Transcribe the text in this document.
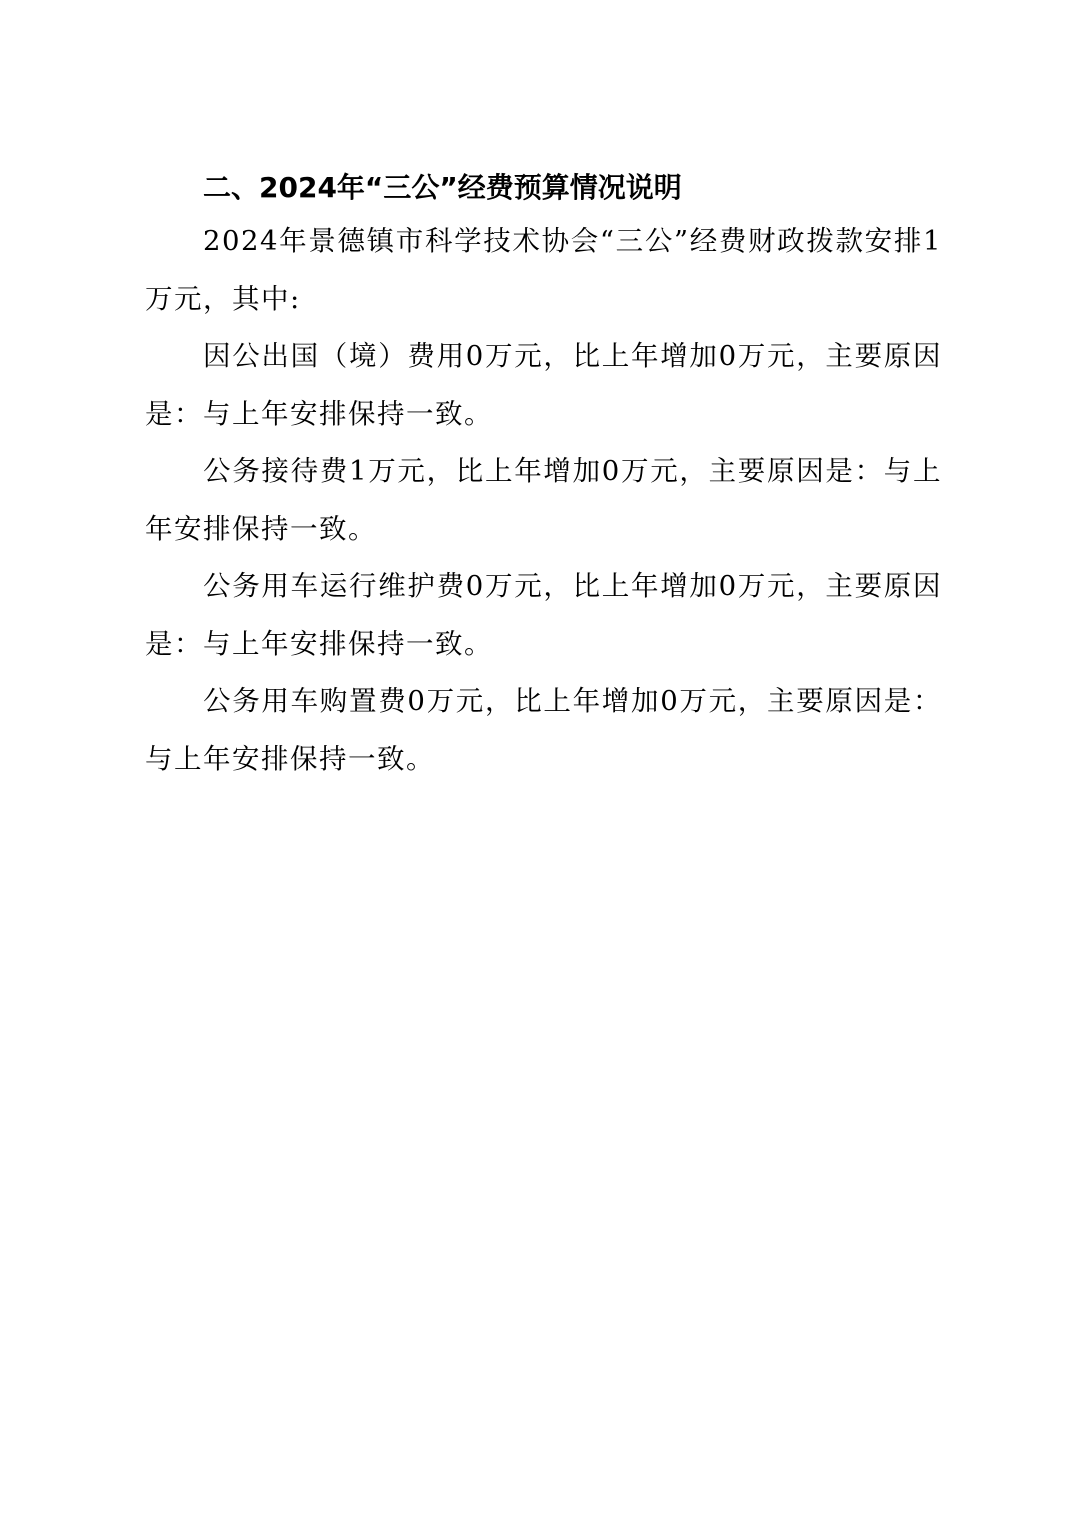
二、2024年“三公”经费预算情况说明

2024年景德镇市科学技术协会“三公”经费财政拨款安排1万元，其中:

因公出国（境）费用0万元，比上年增加0万元，主要原因是：与上年安排保持一致。

公务接待费1万元，比上年增加0万元，主要原因是：与上年安排保持一致。

公务用车运行维护费0万元，比上年增加0万元，主要原因是：与上年安排保持一致。

公务用车购置费0万元，比上年增加0万元，主要原因是：与上年安排保持一致。
